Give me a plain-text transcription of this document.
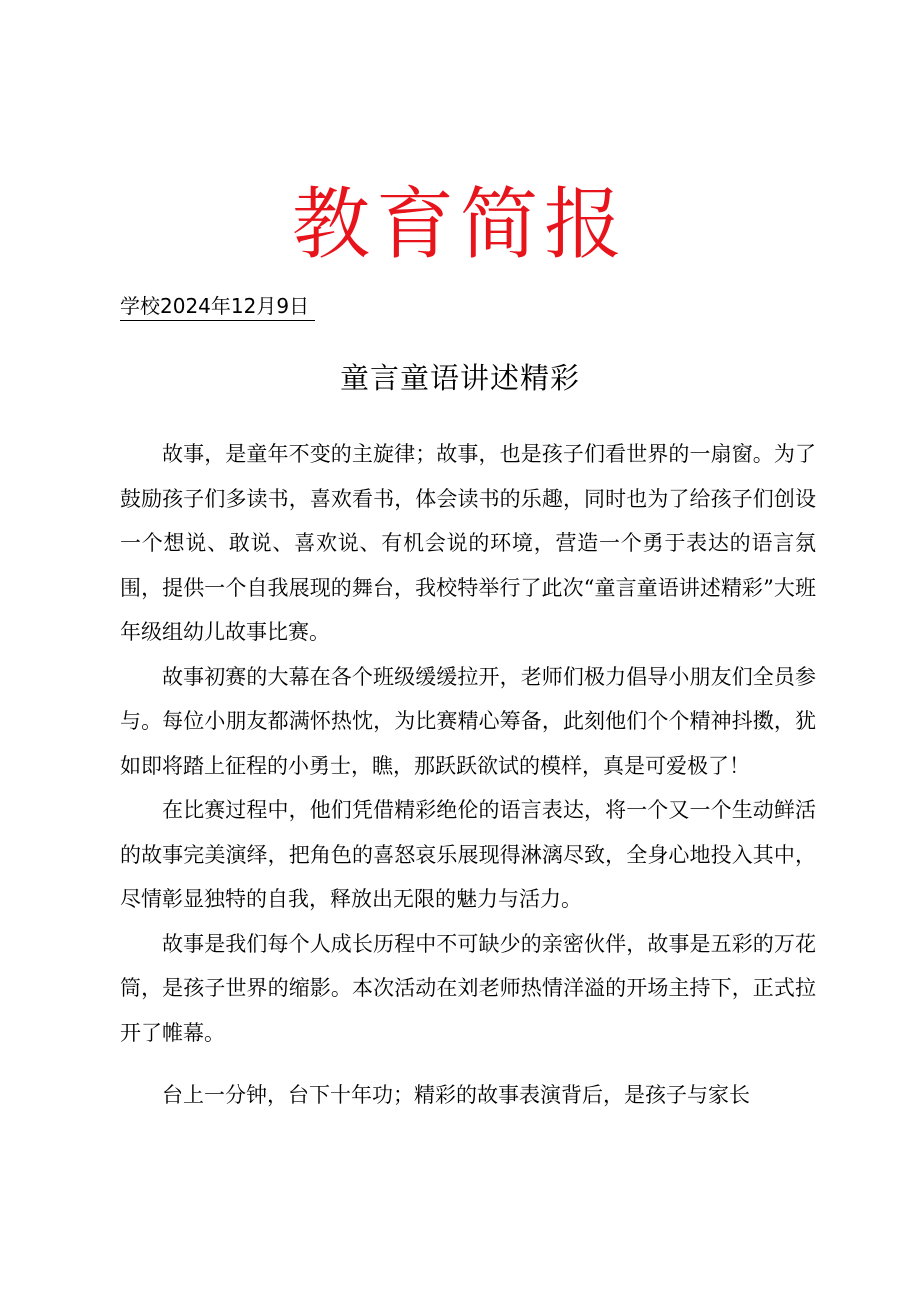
教育简报
学校2024年12月9日
童言童语讲述精彩

故事，是童年不变的主旋律；故事，也是孩子们看世界的一扇窗。为了鼓励孩子们多读书，喜欢看书，体会读书的乐趣，同时也为了给孩子们创设一个想说、敢说、喜欢说、有机会说的环境，营造一个勇于表达的语言氛围，提供一个自我展现的舞台，我校特举行了此次“童言童语讲述精彩”大班年级组幼儿故事比赛。

故事初赛的大幕在各个班级缓缓拉开，老师们极力倡导小朋友们全员参与。每位小朋友都满怀热忱，为比赛精心筹备，此刻他们个个精神抖擞，犹如即将踏上征程的小勇士，瞧，那跃跃欲试的模样，真是可爱极了！

在比赛过程中，他们凭借精彩绝伦的语言表达，将一个又一个生动鲜活的故事完美演绎，把角色的喜怒哀乐展现得淋漓尽致，全身心地投入其中，尽情彰显独特的自我，释放出无限的魅力与活力。

故事是我们每个人成长历程中不可缺少的亲密伙伴，故事是五彩的万花筒，是孩子世界的缩影。本次活动在刘老师热情洋溢的开场主持下，正式拉开了帷幕。

台上一分钟，台下十年功；精彩的故事表演背后，是孩子与家长
